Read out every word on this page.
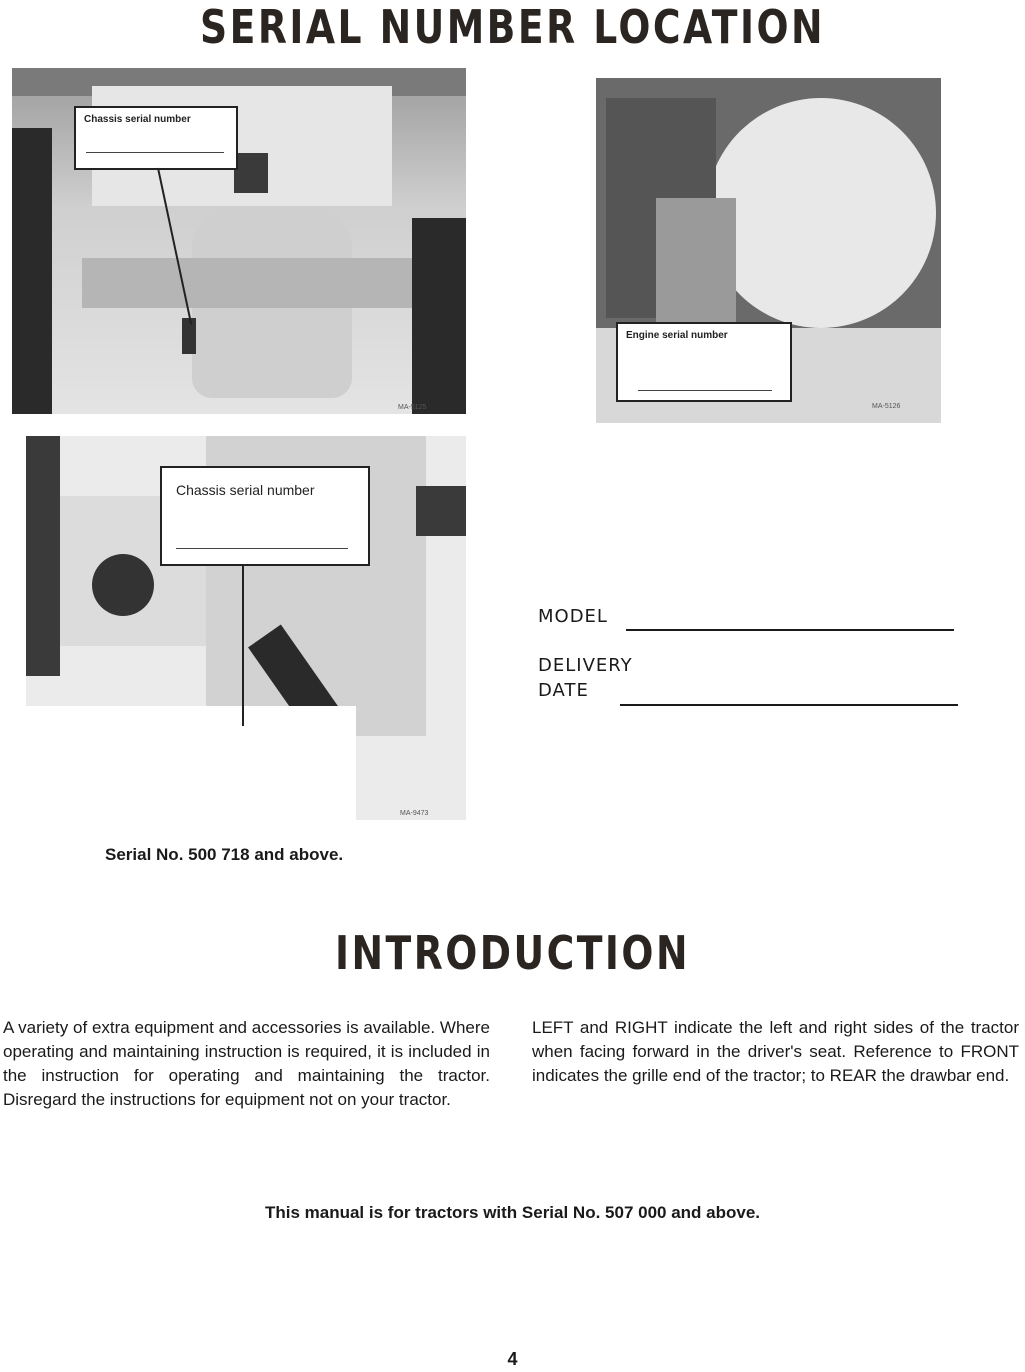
SERIAL NUMBER LOCATION
Chassis serial number
MA-5125
Engine serial number
MA-5126
Chassis serial number
MA-9473
Serial No. 500 718 and above.
MODEL
DELIVERY
DATE
INTRODUCTION
A variety of extra equipment and accessories is available. Where operating and maintaining instruction is required, it is included in the instruction for operating and maintaining the tractor. Disregard the instructions for equipment not on your tractor.
LEFT and RIGHT indicate the left and right sides of the tractor when facing forward in the driver's seat. Reference to FRONT indicates the grille end of the tractor; to REAR the drawbar end.
This manual is for tractors with Serial No. 507 000 and above.
4
